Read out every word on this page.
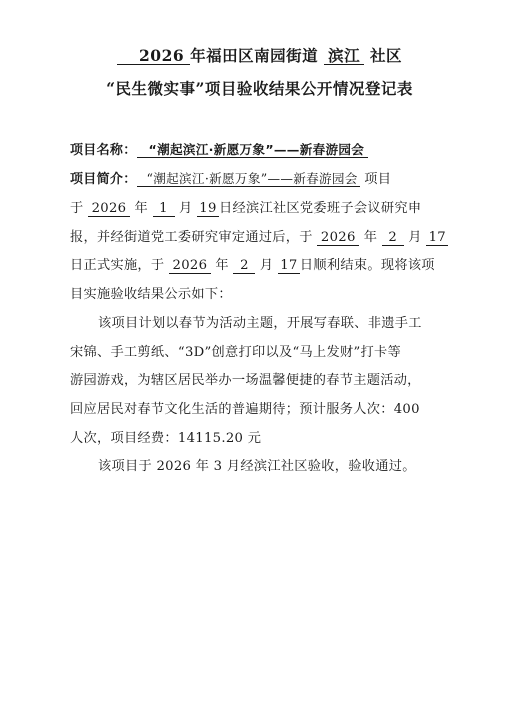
2026 年福田区南园街道 滨江 社区
“民生微实事”项目验收结果公开情况登记表
项目名称： “潮起滨江·新愿万象”——新春游园会
项目简介： “潮起滨江·新愿万象”——新春游园会 项目
于 2026 年 1 月 19 日经滨江社区党委班子会议研究申
报，并经街道党工委研究审定通过后，于 2026 年 2 月 17
日正式实施，于 2026 年 2 月 17 日顺利结束。现将该项
目实施验收结果公示如下：
该项目计划以春节为活动主题，开展写春联、非遗手工
宋锦、手工剪纸、“3D”创意打印以及“马上发财”打卡等
游园游戏，为辖区居民举办一场温馨便捷的春节主题活动，
回应居民对春节文化生活的普遍期待；预计服务人次：400
人次，项目经费：14115.20 元
该项目于 2026 年 3 月经滨江社区验收，验收通过。
